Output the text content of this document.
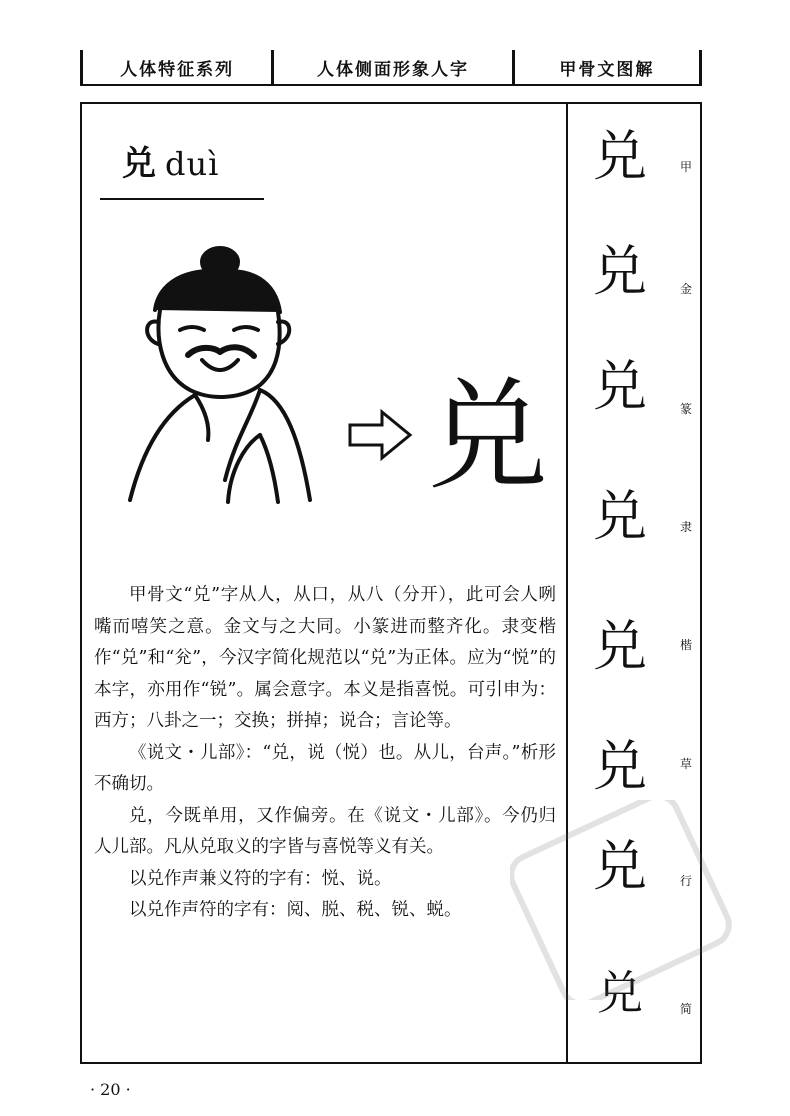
人体特征系列	人体侧面形象人字	甲骨文图解
兑 duì
兑

甲骨文“兑”字从人，从口，从八（分开），此可会人咧嘴而嘻笑之意。金文与之大同。小篆进而整齐化。隶变楷作“兑”和“兊”，今汉字简化规范以“兑”为正体。应为“悦”的本字，亦用作“锐”。属会意字。本义是指喜悦。可引申为：西方；八卦之一；交换；拼掉；说合；言论等。

《说文・儿部》：“兑，说（悦）也。从儿，台声。”析形不确切。

兑，今既单用，又作偏旁。在《说文・儿部》。今仍归人儿部。凡从兑取义的字皆与喜悦等义有关。

以兑作声兼义符的字有：悦、说。

以兑作声符的字有：阅、脱、税、锐、蜕。

兑
兑
兑
兑
兑
兑
兑
兑
甲
金
篆
隶
楷
草
行
简
· 20 ·
